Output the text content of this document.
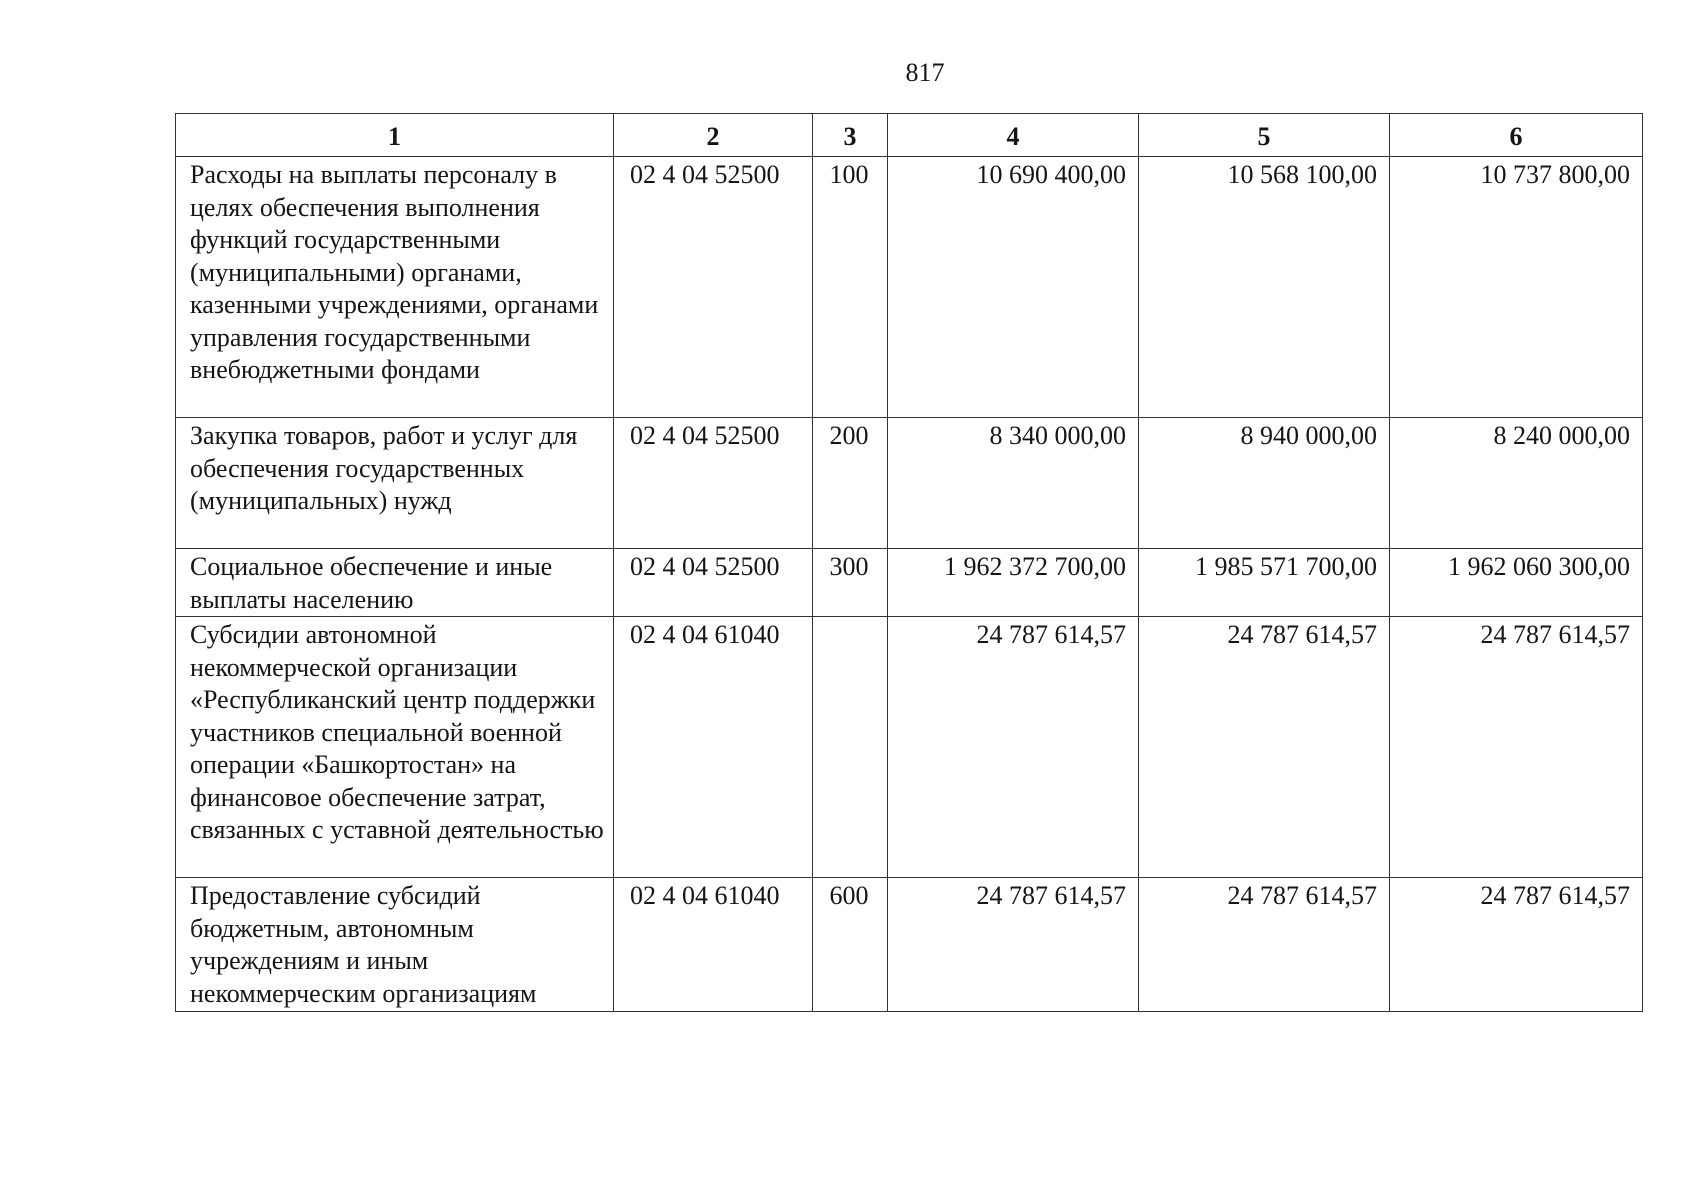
817
1	2	3	4	5	6
Расходы на выплаты персоналу в целях обеспечения выполнения функций государственными (муниципальными) органами, казенными учреждениями, органами управления государственными внебюджетными фондами	02 4 04 52500	100	10 690 400,00	10 568 100,00	10 737 800,00
Закупка товаров, работ и услуг для обеспечения государственных (муниципальных) нужд	02 4 04 52500	200	8 340 000,00	8 940 000,00	8 240 000,00
Социальное обеспечение и иные выплаты населению	02 4 04 52500	300	1 962 372 700,00	1 985 571 700,00	1 962 060 300,00
Субсидии автономной некоммерческой организации «Республиканский центр поддержки участников специальной военной операции «Башкортостан» на финансовое обеспечение затрат, связанных с уставной деятельностью	02 4 04 61040		24 787 614,57	24 787 614,57	24 787 614,57
Предоставление субсидий бюджетным, автономным учреждениям и иным некоммерческим организациям	02 4 04 61040	600	24 787 614,57	24 787 614,57	24 787 614,57
